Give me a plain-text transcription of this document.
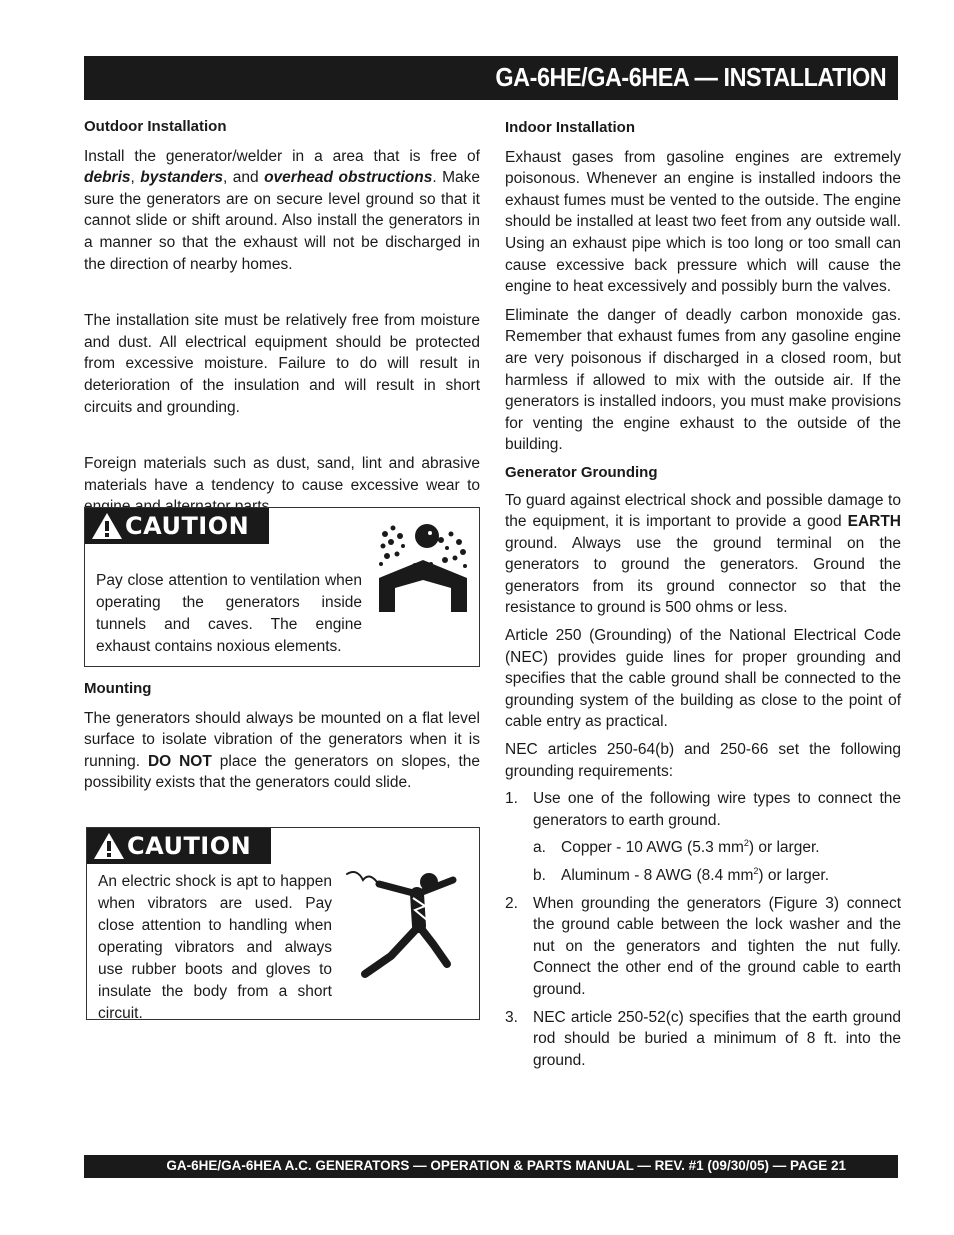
GA-6HE/GA-6HEA — INSTALLATION

Outdoor Installation

Install the generator/welder in a area that is free of debris, bystanders, and overhead obstructions. Make sure the generators are on secure level ground so that it cannot slide or shift around. Also install the generators in a manner so that the exhaust will not be discharged in the direction of nearby homes.

The installation site must be relatively free from moisture and dust. All electrical equipment should be protected from excessive moisture. Failure to do will result in deterioration of the insulation and will result in short circuits and grounding.

Foreign materials such as dust, sand, lint and abrasive materials have a tendency to cause excessive wear to

CAUTION
Pay close attention to ventilation when operating the generators inside tunnels and caves. The engine exhaust contains noxious elements.

Mounting

The generators should always be mounted on a flat level surface to isolate vibration of the generators when it is running. DO NOT place the generators on slopes, the possibility exists that the generators could slide.

CAUTION
An electric shock is apt to happen when vibrators are used. Pay close attention to handling when operating vibrators and always use rubber boots and gloves to insulate the body from a short circuit.

Indoor Installation

Exhaust gases from gasoline engines are extremely poisonous. Whenever an engine is installed indoors the exhaust fumes must be vented to the outside. The engine should be installed at least two feet from any outside wall. Using an exhaust pipe which is too long or too small can cause excessive back pressure which will cause the engine to heat excessively and possibly burn the valves.

Eliminate the danger of deadly carbon monoxide gas. Remember that exhaust fumes from any gasoline engine are very poisonous if discharged in a closed room, but harmless if allowed to mix with the outside air. If the generators is installed indoors, you must make provisions for venting the engine exhaust to the outside of the building.

Generator Grounding

To guard against electrical shock and possible damage to the equipment, it is important to provide a good EARTH ground. Always use the ground terminal on the generators to ground the generators. Ground the generators from its ground connector so that the resistance to ground is 500 ohms or less.

Article 250 (Grounding) of the National Electrical Code (NEC) provides guide lines for proper grounding and specifies that the cable ground shall be connected to the grounding system of the building as close to the point of cable entry as practical.

NEC articles 250-64(b) and 250-66 set the following grounding requirements:

1. Use one of the following wire types to connect the generators to earth ground.

a. Copper - 10 AWG (5.3 $mm^2$) or larger.

b. Aluminum - 8 AWG (8.4 $mm^2$) or larger.

2. When grounding the generators (Figure 3) connect the ground cable between the lock washer and the nut on the generators and tighten the nut fully. Connect the other end of the ground cable to earth ground.

3. NEC article 250-52(c) specifies that the earth ground rod should be buried a minimum of 8 ft. into the ground.

GA-6HE/GA-6HEA A.C. GENERATORS — OPERATION & PARTS MANUAL — REV. #1 (09/30/05) — PAGE 21
